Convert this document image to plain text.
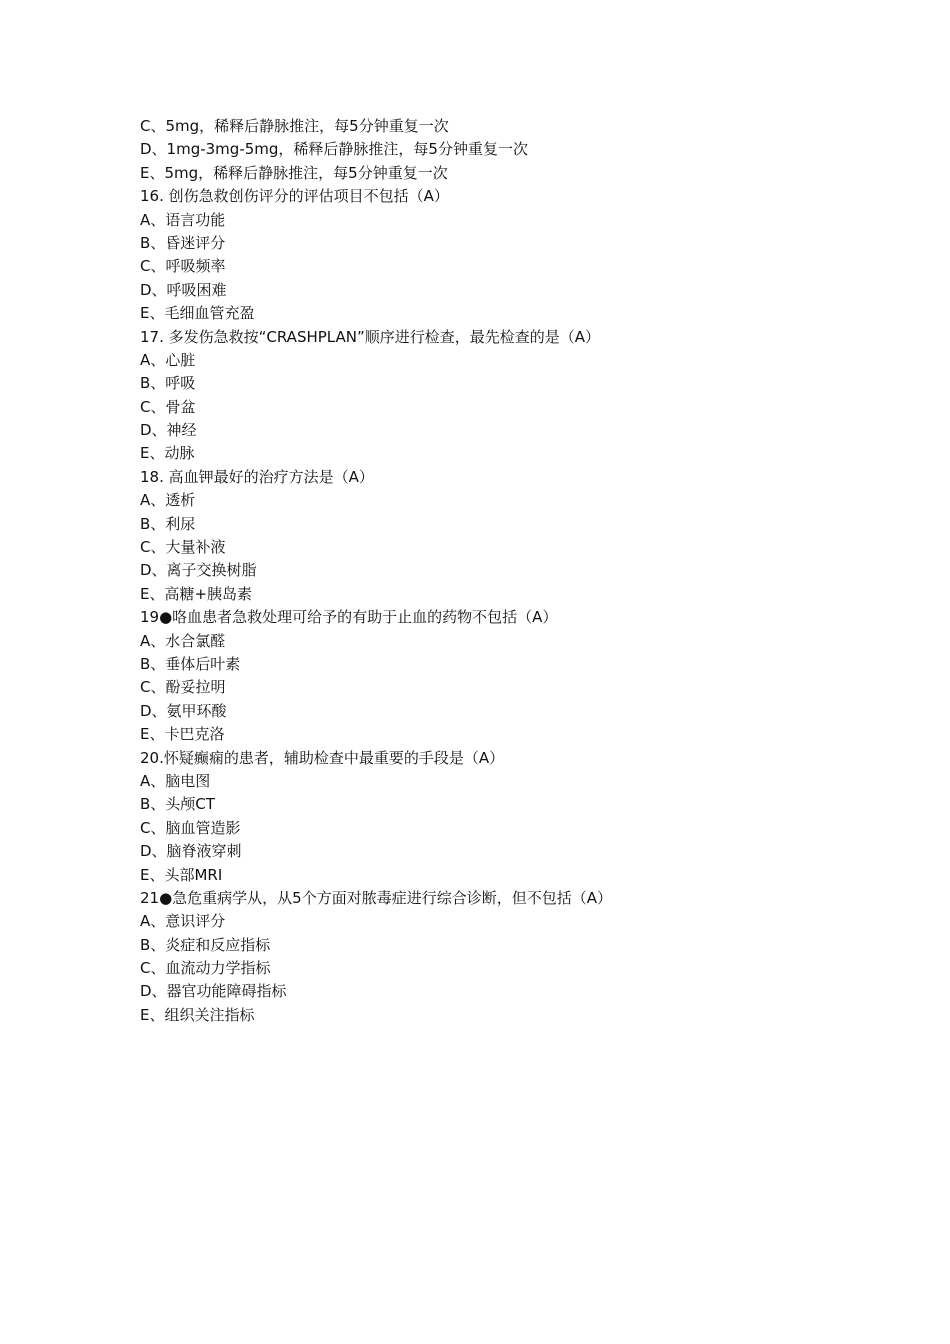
C、5mg，稀释后静脉推注，每5分钟重复一次
D、1mg-3mg-5mg，稀释后静脉推注，每5分钟重复一次
E、5mg，稀释后静脉推注，每5分钟重复一次
16. 创伤急救创伤评分的评估项目不包括（A）
A、语言功能
B、昏迷评分
C、呼吸频率
D、呼吸困难
E、毛细血管充盈
17. 多发伤急救按“CRASHPLAN”顺序进行检查，最先检查的是（A）
A、心脏
B、呼吸
C、骨盆
D、神经
E、动脉
18. 高血钾最好的治疗方法是（A）
A、透析
B、利尿
C、大量补液
D、离子交换树脂
E、高糖+胰岛素
19●咯血患者急救处理可给予的有助于止血的药物不包括（A）
A、水合氯醛
B、垂体后叶素
C、酚妥拉明
D、氨甲环酸
E、卡巴克洛
20.怀疑癫痫的患者，辅助检查中最重要的手段是（A）
A、脑电图
B、头颅CT
C、脑血管造影
D、脑脊液穿刺
E、头部MRI
21●急危重病学从，从5个方面对脓毒症进行综合诊断，但不包括（A）
A、意识评分
B、炎症和反应指标
C、血流动力学指标
D、器官功能障碍指标
E、组织关注指标
